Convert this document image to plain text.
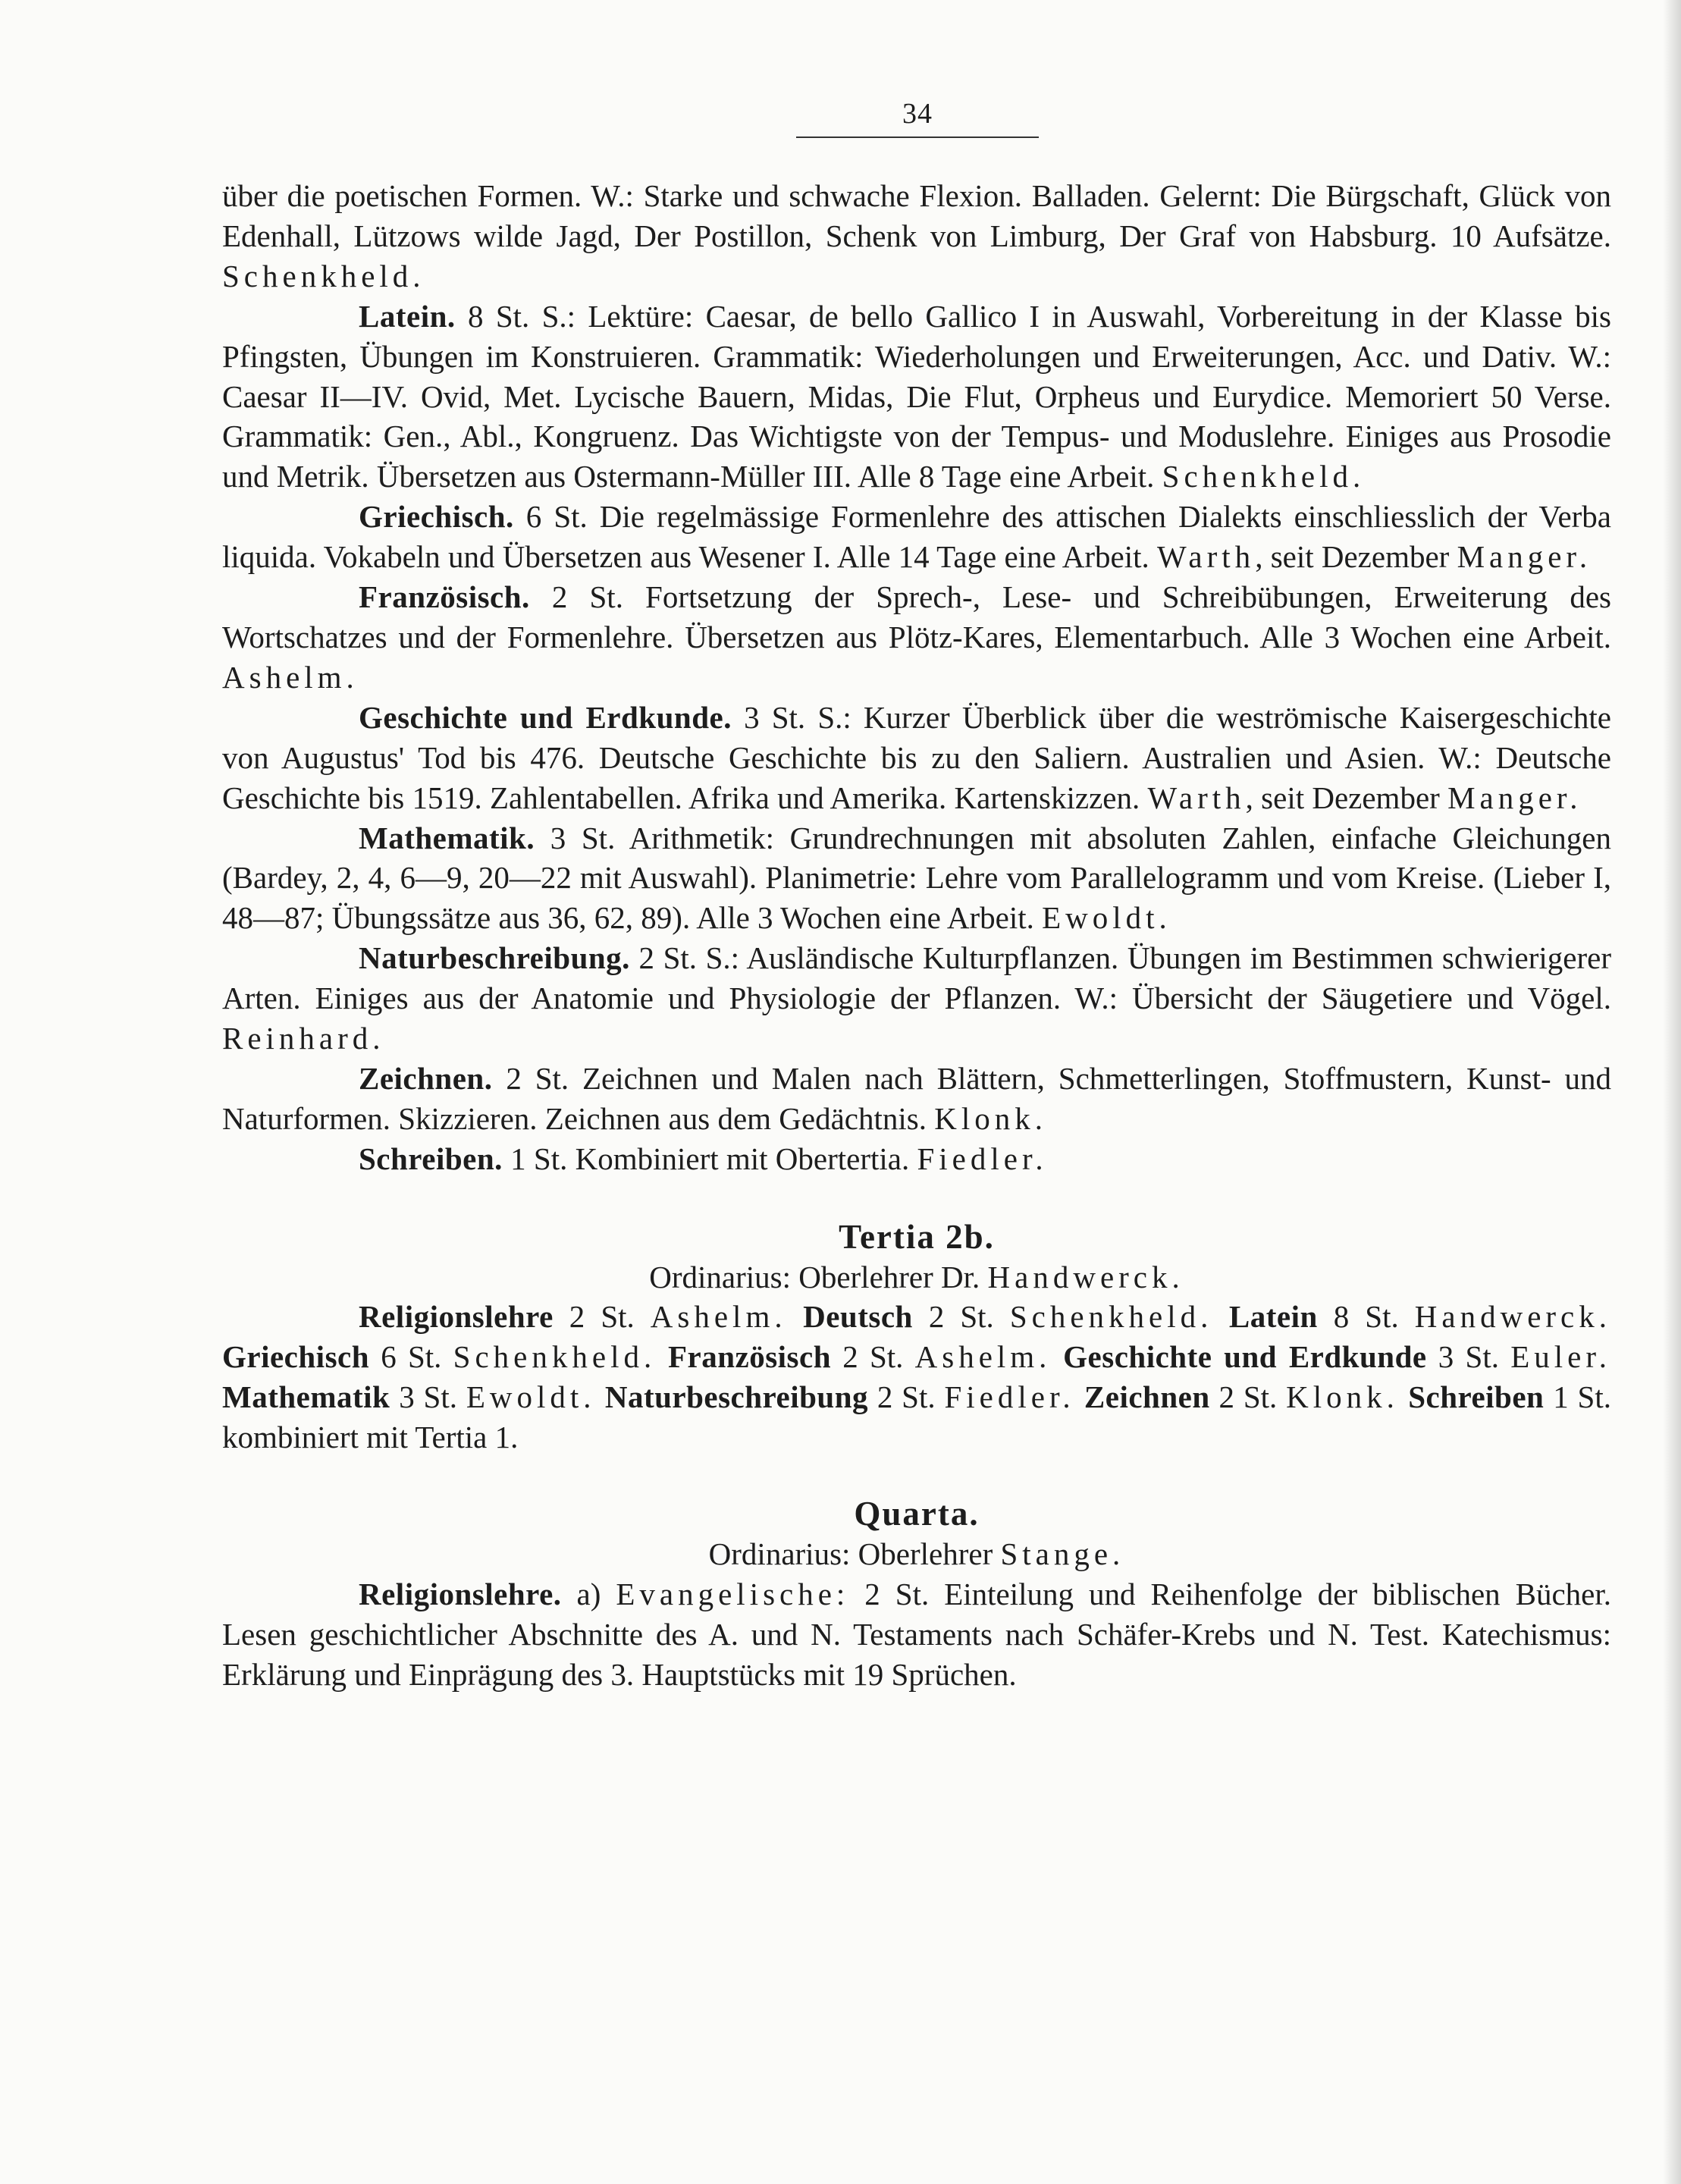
34

über die poetischen Formen. W.: Starke und schwache Flexion. Balladen. Gelernt: Die Bürgschaft, Glück von Edenhall, Lützows wilde Jagd, Der Postillon, Schenk von Limburg, Der Graf von Habsburg. 10 Aufsätze. Schenkheld.

Latein. 8 St. S.: Lektüre: Caesar, de bello Gallico I in Auswahl, Vorbereitung in der Klasse bis Pfingsten, Übungen im Konstruieren. Grammatik: Wiederholungen und Erweiterungen, Acc. und Dativ. W.: Caesar II—IV. Ovid, Met. Lycische Bauern, Midas, Die Flut, Orpheus und Eurydice. Memoriert 50 Verse. Grammatik: Gen., Abl., Kongruenz. Das Wichtigste von der Tempus- und Moduslehre. Einiges aus Prosodie und Metrik. Übersetzen aus Ostermann-Müller III. Alle 8 Tage eine Arbeit. Schenkheld.

Griechisch. 6 St. Die regelmässige Formenlehre des attischen Dialekts einschliesslich der Verba liquida. Vokabeln und Übersetzen aus Wesener I. Alle 14 Tage eine Arbeit. Warth, seit Dezember Manger.

Französisch. 2 St. Fortsetzung der Sprech-, Lese- und Schreibübungen, Erweiterung des Wortschatzes und der Formenlehre. Übersetzen aus Plötz-Kares, Elementarbuch. Alle 3 Wochen eine Arbeit. Ashelm.

Geschichte und Erdkunde. 3 St. S.: Kurzer Überblick über die weströmische Kaisergeschichte von Augustus' Tod bis 476. Deutsche Geschichte bis zu den Saliern. Australien und Asien. W.: Deutsche Geschichte bis 1519. Zahlentabellen. Afrika und Amerika. Kartenskizzen. Warth, seit Dezember Manger.

Mathematik. 3 St. Arithmetik: Grundrechnungen mit absoluten Zahlen, einfache Gleichungen (Bardey, 2, 4, 6—9, 20—22 mit Auswahl). Planimetrie: Lehre vom Parallelogramm und vom Kreise. (Lieber I, 48—87; Übungssätze aus 36, 62, 89). Alle 3 Wochen eine Arbeit. Ewoldt.

Naturbeschreibung. 2 St. S.: Ausländische Kulturpflanzen. Übungen im Bestimmen schwierigerer Arten. Einiges aus der Anatomie und Physiologie der Pflanzen. W.: Übersicht der Säugetiere und Vögel. Reinhard.

Zeichnen. 2 St. Zeichnen und Malen nach Blättern, Schmetterlingen, Stoffmustern, Kunst- und Naturformen. Skizzieren. Zeichnen aus dem Gedächtnis. Klonk.

Schreiben. 1 St. Kombiniert mit Obertertia. Fiedler.

Tertia 2b.

Ordinarius: Oberlehrer Dr. Handwerck.

Religionslehre 2 St. Ashelm. Deutsch 2 St. Schenkheld. Latein 8 St. Handwerck. Griechisch 6 St. Schenkheld. Französisch 2 St. Ashelm. Geschichte und Erdkunde 3 St. Euler. Mathematik 3 St. Ewoldt. Naturbeschreibung 2 St. Fiedler. Zeichnen 2 St. Klonk. Schreiben 1 St. kombiniert mit Tertia 1.

Quarta.

Ordinarius: Oberlehrer Stange.

Religionslehre. a) Evangelische: 2 St. Einteilung und Reihenfolge der biblischen Bücher. Lesen geschichtlicher Abschnitte des A. und N. Testaments nach Schäfer-Krebs und N. Test. Katechismus: Erklärung und Einprägung des 3. Hauptstücks mit 19 Sprüchen.
